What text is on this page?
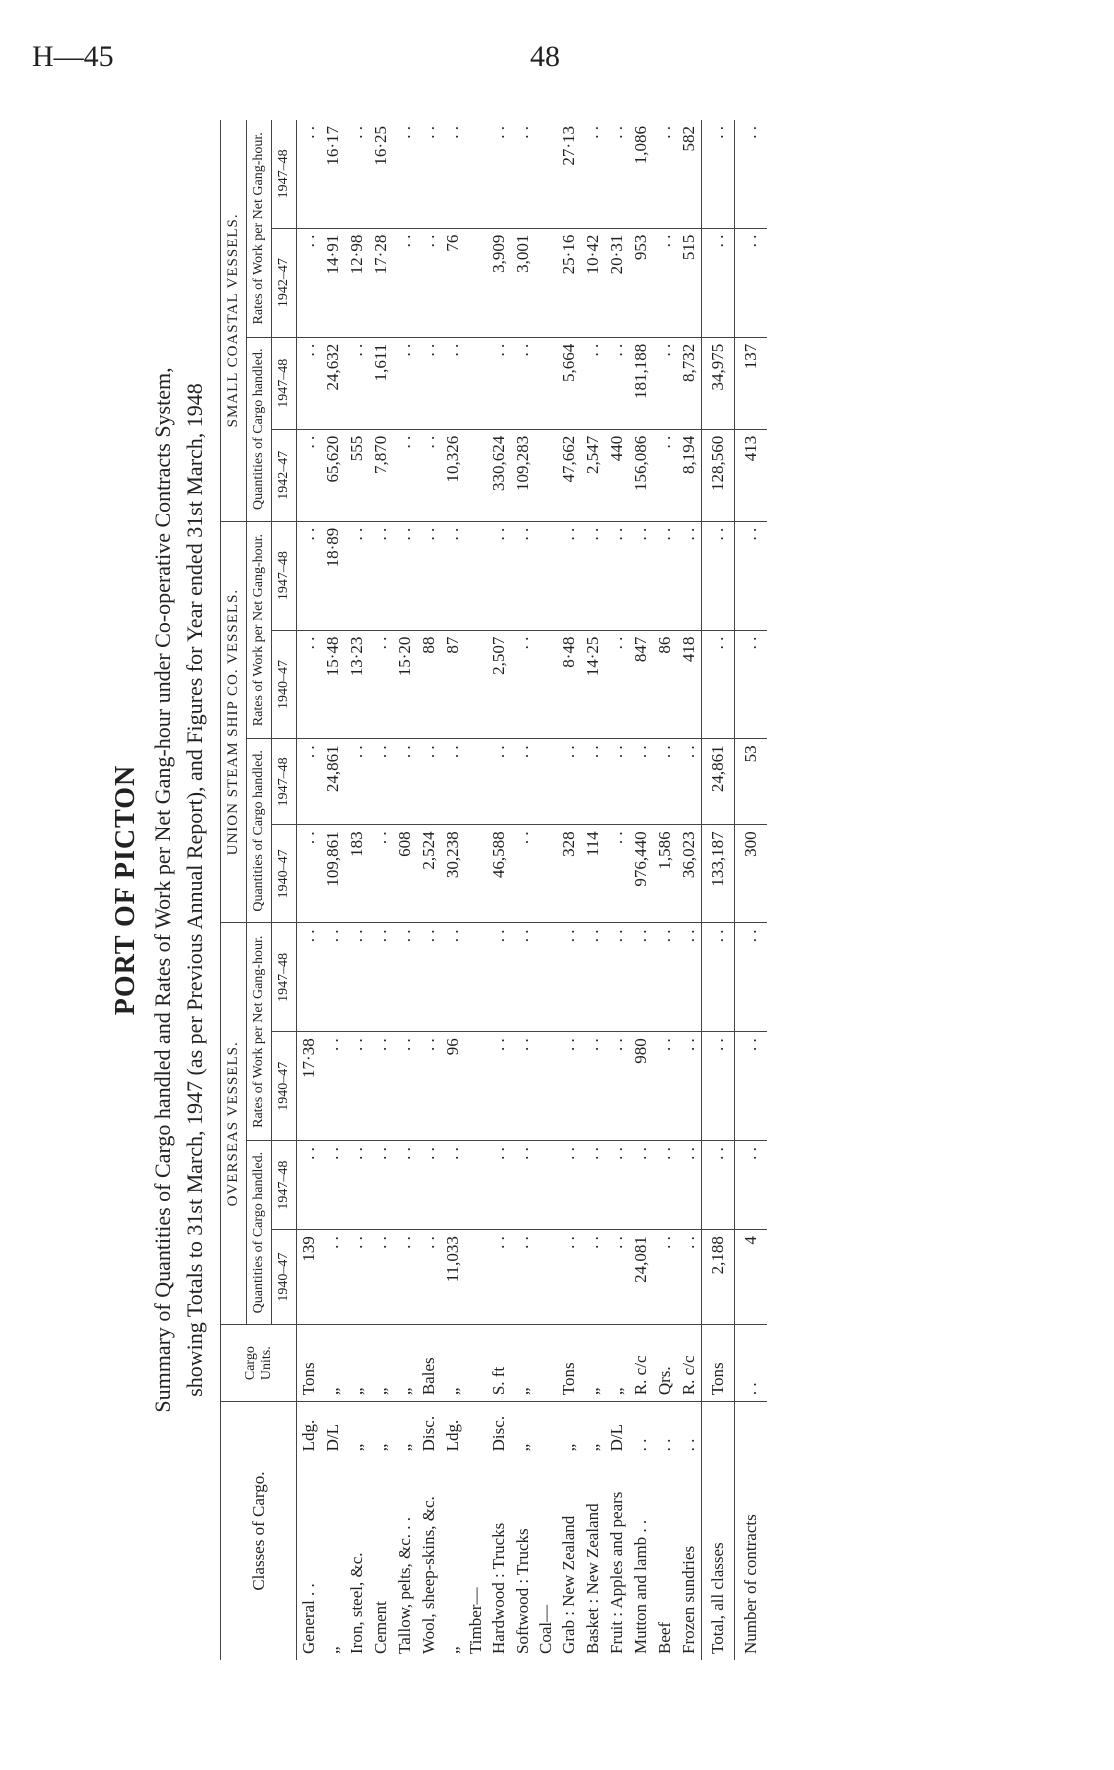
H—45	48
PORT OF PICTON Summary of Quantities of Cargo handled and Rates of Work per Net Gang-hour under Co-operative Contracts System, showing Totals to 31st March, 1947 (as per Previous Annual Report), and Figures for Year ended 31st March, 1948
Classes of Cargo.		Cargo Units.	OVERSEAS VESSELS.				UNION STEAM SHIP CO. VESSELS.				SMALL COASTAL VESSELS.			
			Quantities of Cargo handled.		Rates of Work per Net Gang-hour.		Quantities of Cargo handled.		Rates of Work per Net Gang-hour.		Quantities of Cargo handled.		Rates of Work per Net Gang-hour.	
			1940–47	1947–48	1940–47	1947–48	1940–47	1947–48	1940–47	1947–48	1942–47	1947–48	1942–47	1947–48
General . .	Ldg.	Tons	139	. .	17·38	. .	. .	. .	. .	. .	. .	. .	. .	. .
„	D/L	„	. .	. .	. .	. .	109,861	24,861	15·48	18·89	65,620	24,632	14·91	16·17
Iron, steel, &c.	„	„	. .	. .	. .	. .	183	. .	13·23	. .	555	. .	12·98	. .
Cement	„	„	. .	. .	. .	. .	. .	. .	. .	. .	7,870	1,611	17·28	16·25
Tallow, pelts, &c. . .	„	„	. .	. .	. .	. .	608	. .	15·20	. .	. .	. .	. .	. .
Wool, sheep-skins, &c.	Disc.	Bales	. .	. .	. .	. .	2,524	. .	88	. .	. .	. .	. .	. .
„	Ldg.	„	11,033	. .	96	. .	30,238	. .	87	. .	10,326	. .	76	. .
Timber—														
Hardwood : Trucks	Disc.	S. ft	. .	. .	. .	. .	46,588	. .	2,507	. .	330,624	. .	3,909	. .
Softwood : Trucks	„	„	. .	. .	. .	. .	. .	. .	. .	. .	109,283	. .	3,001	. .
Coal—														
Grab : New Zealand	„	Tons	. .	. .	. .	. .	328	. .	8·48	. .	47,662	5,664	25·16	27·13
Basket : New Zealand	„	„	. .	. .	. .	. .	114	. .	14·25	. .	2,547	. .	10·42	. .
Fruit : Apples and pears	D/L	„	. .	. .	. .	. .	. .	. .	. .	. .	440	. .	20·31	. .
Mutton and lamb . .	. .	R. c/c	24,081	. .	980	. .	976,440	. .	847	. .	156,086	181,188	953	1,086
Beef	. .	Qrs.	. .	. .	. .	. .	1,586	. .	86	. .	. .	. .	. .	. .
Frozen sundries	. .	R. c/c	. .	. .	. .	. .	36,023	. .	418	. .	8,194	8,732	515	582
Total, all classes		Tons	2,188	. .	. .	. .	133,187	24,861	. .	. .	128,560	34,975	. .	. .
Number of contracts		. .	4	. .	. .	. .	300	53	. .	. .	413	137	. .	. .
